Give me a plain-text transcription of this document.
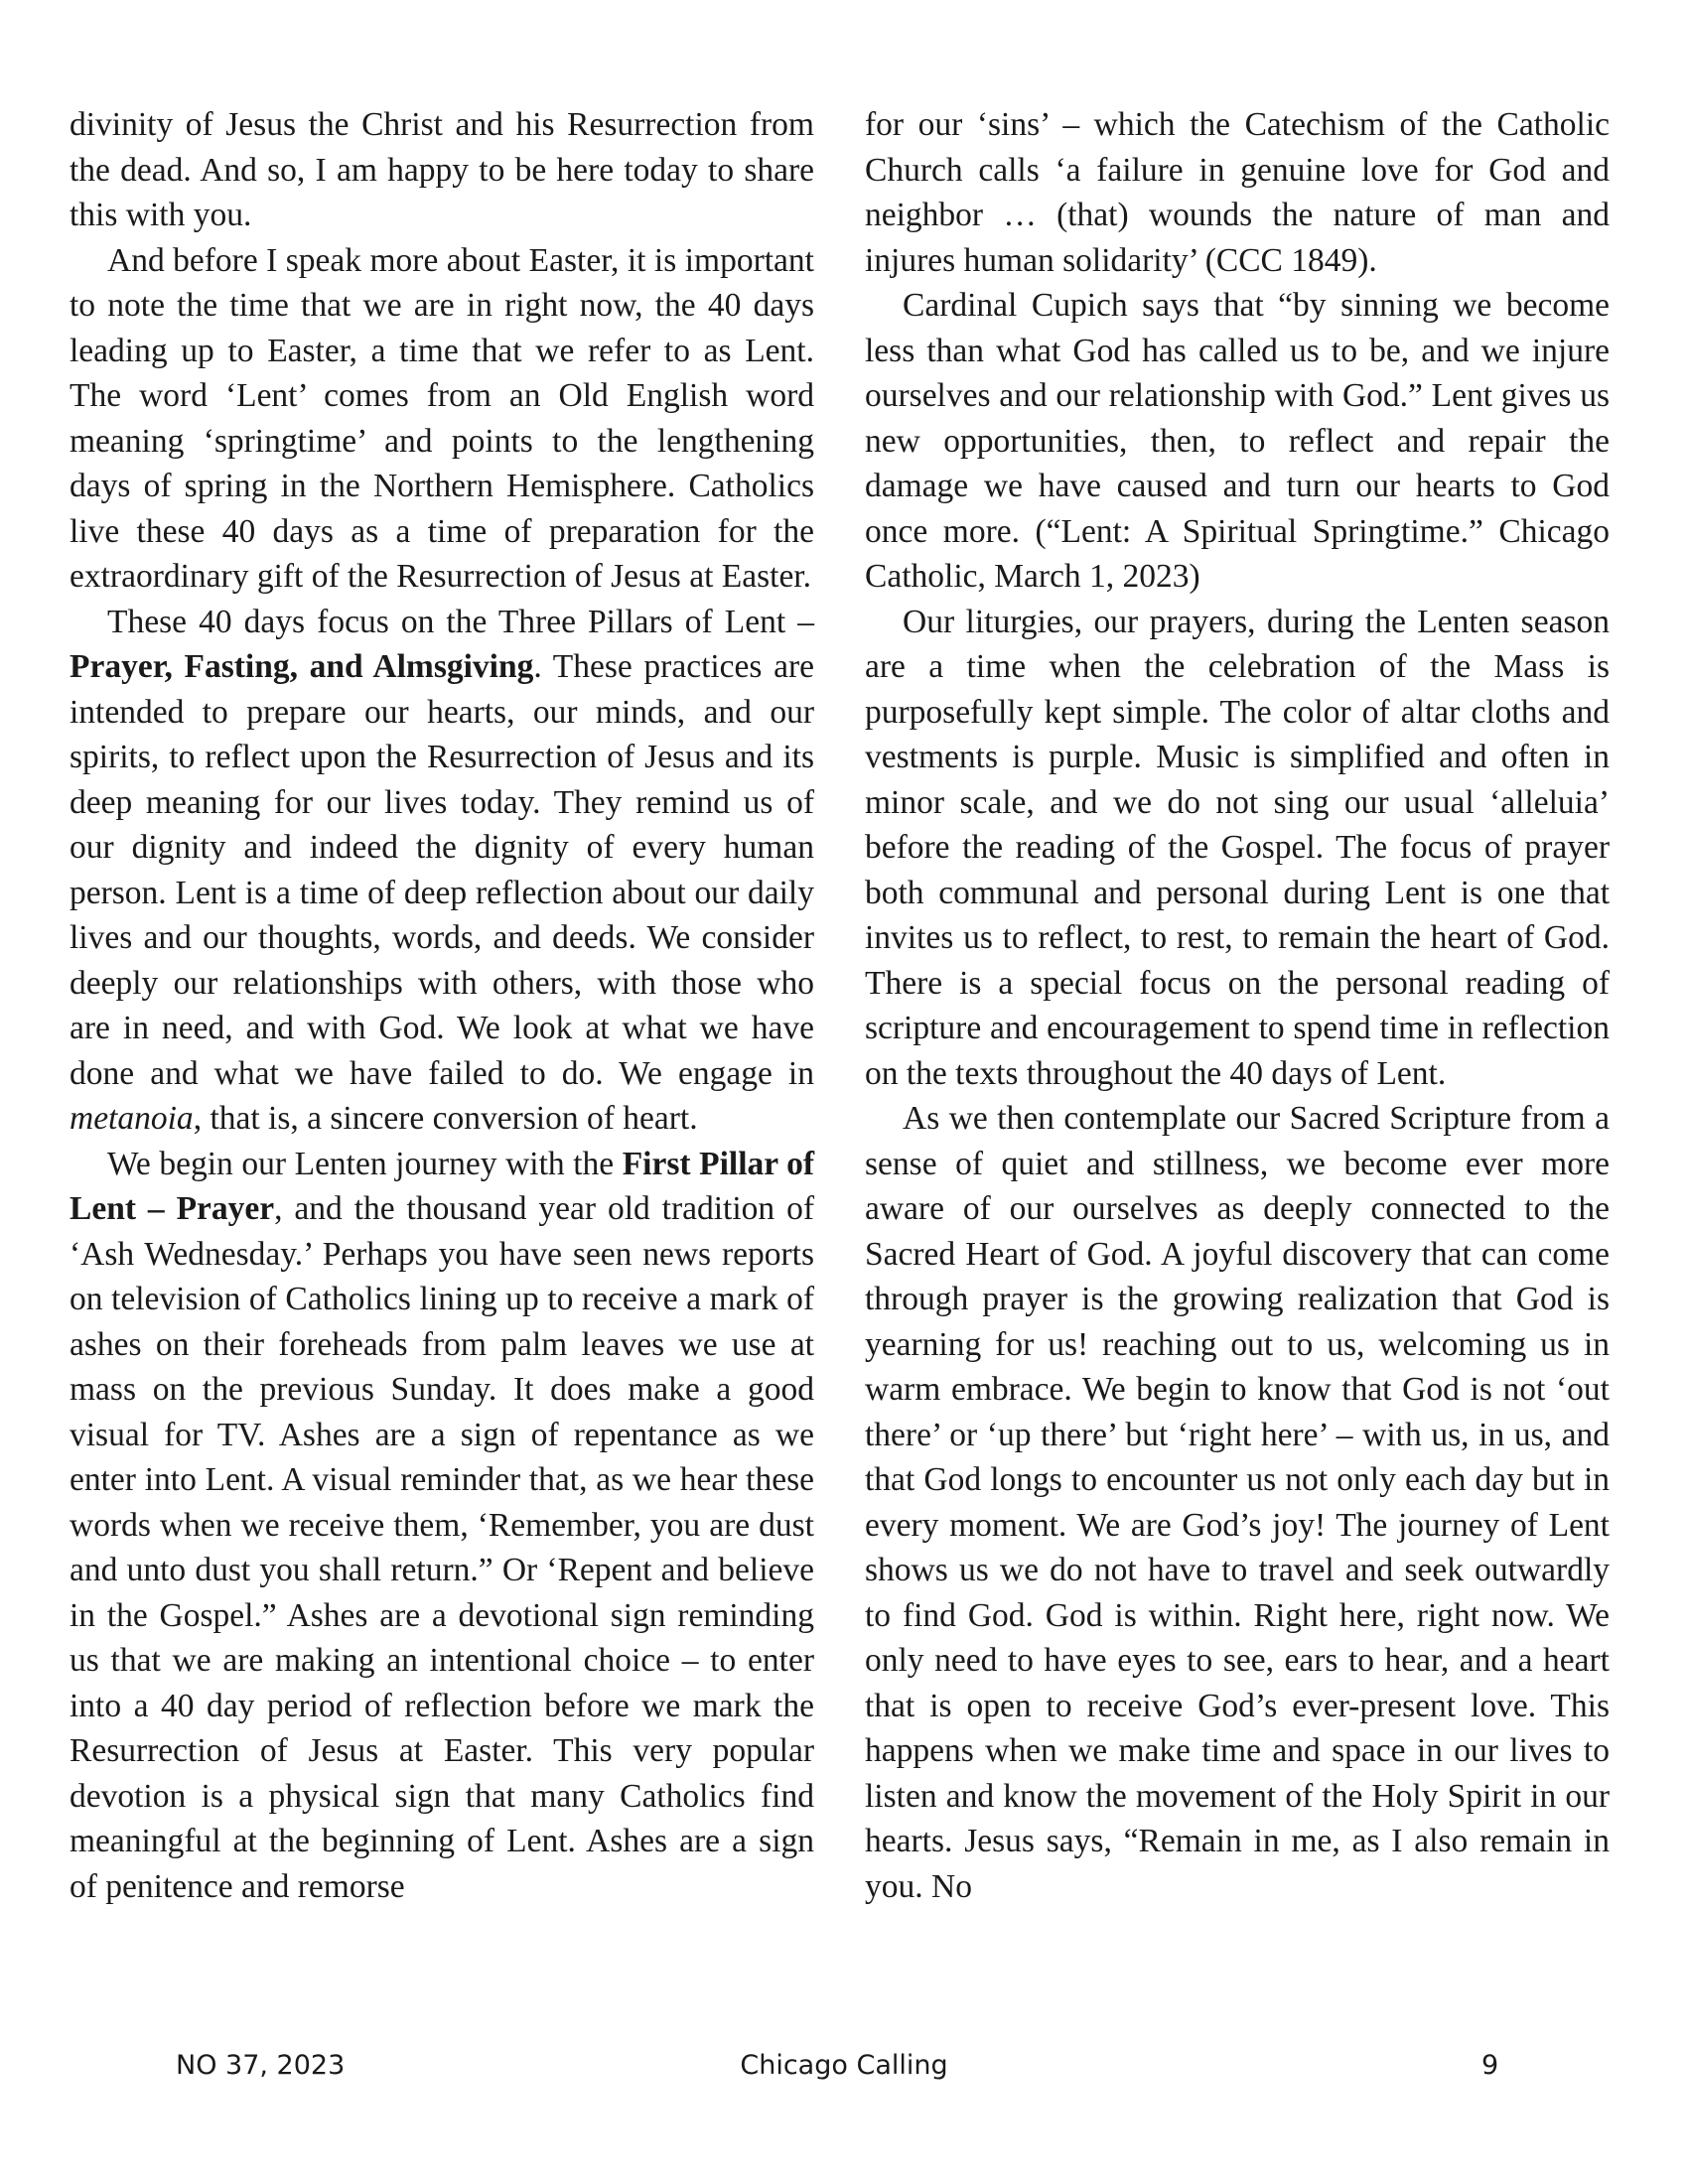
divinity of Jesus the Christ and his Resurrection from the dead. And so, I am happy to be here today to share this with you.

And before I speak more about Easter, it is important to note the time that we are in right now, the 40 days leading up to Easter, a time that we refer to as Lent. The word ‘Lent’ comes from an Old English word meaning ‘springtime’ and points to the lengthening days of spring in the Northern Hemisphere. Catholics live these 40 days as a time of preparation for the extraordinary gift of the Resurrection of Jesus at Easter.

These 40 days focus on the Three Pillars of Lent – Prayer, Fasting, and Almsgiving. These practices are intended to prepare our hearts, our minds, and our spirits, to reflect upon the Resurrection of Jesus and its deep meaning for our lives today. They remind us of our dignity and indeed the dignity of every human person. Lent is a time of deep reflection about our daily lives and our thoughts, words, and deeds. We consider deeply our relationships with others, with those who are in need, and with God. We look at what we have done and what we have failed to do. We engage in metanoia, that is, a sincere conversion of heart.

We begin our Lenten journey with the First Pillar of Lent – Prayer, and the thousand year old tradition of ‘Ash Wednesday.’ Perhaps you have seen news reports on television of Catholics lining up to receive a mark of ashes on their foreheads from palm leaves we use at mass on the previous Sunday. It does make a good visual for TV. Ashes are a sign of repentance as we enter into Lent. A visual reminder that, as we hear these words when we receive them, ‘Remember, you are dust and unto dust you shall return.” Or ‘Repent and believe in the Gospel.” Ashes are a devotional sign reminding us that we are making an intentional choice – to enter into a 40 day period of reflection before we mark the Resurrection of Jesus at Easter. This very popular devotion is a physical sign that many Catholics find meaningful at the beginning of Lent. Ashes are a sign of penitence and remorse

for our ‘sins’ – which the Catechism of the Catholic Church calls ‘a failure in genuine love for God and neighbor … (that) wounds the nature of man and injures human solidarity’ (CCC 1849).

Cardinal Cupich says that “by sinning we become less than what God has called us to be, and we injure ourselves and our relationship with God.” Lent gives us new opportunities, then, to reflect and repair the damage we have caused and turn our hearts to God once more. (“Lent: A Spiritual Springtime.” Chicago Catholic, March 1, 2023)

Our liturgies, our prayers, during the Lenten season are a time when the celebration of the Mass is purposefully kept simple. The color of altar cloths and vestments is purple. Music is simplified and often in minor scale, and we do not sing our usual ‘alleluia’ before the reading of the Gospel. The focus of prayer both communal and personal during Lent is one that invites us to reflect, to rest, to remain the heart of God. There is a special focus on the personal reading of scripture and encouragement to spend time in reflection on the texts throughout the 40 days of Lent.

As we then contemplate our Sacred Scripture from a sense of quiet and stillness, we become ever more aware of our ourselves as deeply connected to the Sacred Heart of God. A joyful discovery that can come through prayer is the growing realization that God is yearning for us! reaching out to us, welcoming us in warm embrace. We begin to know that God is not ‘out there’ or ‘up there’ but ‘right here’ – with us, in us, and that God longs to encounter us not only each day but in every moment. We are God’s joy! The journey of Lent shows us we do not have to travel and seek outwardly to find God. God is within. Right here, right now. We only need to have eyes to see, ears to hear, and a heart that is open to receive God’s ever-present love. This happens when we make time and space in our lives to listen and know the movement of the Holy Spirit in our hearts. Jesus says, “Remain in me, as I also remain in you. No

NO 37, 2023	Chicago Calling	9
